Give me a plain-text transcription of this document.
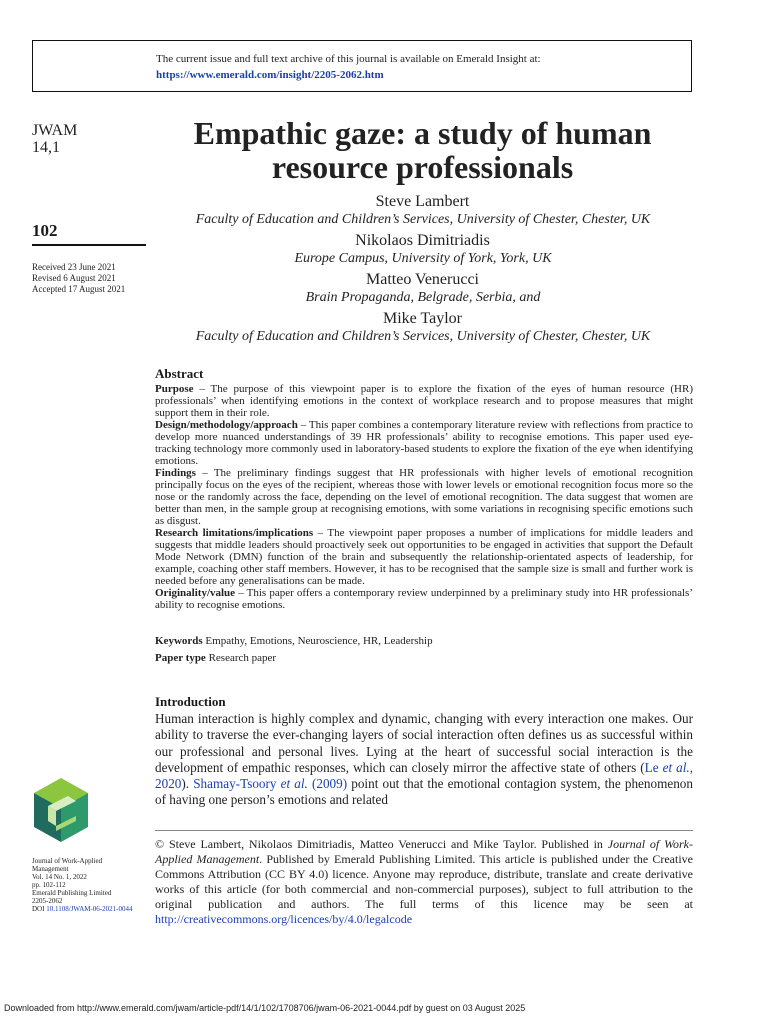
The current issue and full text archive of this journal is available on Emerald Insight at:
https://www.emerald.com/insight/2205-2062.htm
JWAM
14,1
102
Received 23 June 2021
Revised 6 August 2021
Accepted 17 August 2021
Empathic gaze: a study of human
resource professionals
Steve Lambert
Faculty of Education and Children’s Services, University of Chester, Chester, UK
Nikolaos Dimitriadis
Europe Campus, University of York, York, UK
Matteo Venerucci
Brain Propaganda, Belgrade, Serbia, and
Mike Taylor
Faculty of Education and Children’s Services, University of Chester, Chester, UK
Abstract

Purpose – The purpose of this viewpoint paper is to explore the fixation of the eyes of human resource (HR) professionals’ when identifying emotions in the context of workplace research and to propose measures that might support them in their role.

Design/methodology/approach – This paper combines a contemporary literature review with reflections from practice to develop more nuanced understandings of 39 HR professionals’ ability to recognise emotions. This paper used eye-tracking technology more commonly used in laboratory-based students to explore the fixation of the eye when identifying emotions.

Findings – The preliminary findings suggest that HR professionals with higher levels of emotional recognition principally focus on the eyes of the recipient, whereas those with lower levels or emotional recognition focus more so the nose or the randomly across the face, depending on the level of emotional recognition. The data suggest that women are better than men, in the sample group at recognising emotions, with some variations in recognising specific emotions such as disgust.

Research limitations/implications – The viewpoint paper proposes a number of implications for middle leaders and suggests that middle leaders should proactively seek out opportunities to be engaged in activities that support the Default Mode Network (DMN) function of the brain and subsequently the relationship-orientated aspects of leadership, for example, coaching other staff members. However, it has to be recognised that the sample size is small and further work is needed before any generalisations can be made.

Originality/value – This paper offers a contemporary review underpinned by a preliminary study into HR professionals’ ability to recognise emotions.

Keywords Empathy, Emotions, Neuroscience, HR, Leadership
Paper type Research paper
Introduction
Human interaction is highly complex and dynamic, changing with every interaction one makes. Our ability to traverse the ever-changing layers of social interaction often defines us as successful within our professional and personal lives. Lying at the heart of successful social interaction is the development of empathic responses, which can closely mirror the affective state of others (Le et al., 2020). Shamay-Tsoory et al. (2009) point out that the emotional contagion system, the phenomenon of having one person’s emotions and related
© Steve Lambert, Nikolaos Dimitriadis, Matteo Venerucci and Mike Taylor. Published in Journal of Work-Applied Management. Published by Emerald Publishing Limited. This article is published under the Creative Commons Attribution (CC BY 4.0) licence. Anyone may reproduce, distribute, translate and create derivative works of this article (for both commercial and non-commercial purposes), subject to full attribution to the original publication and authors. The full terms of this licence may be seen at http://creativecommons.org/licences/by/4.0/legalcode
Journal of Work-Applied
Management
Vol. 14 No. 1, 2022
pp. 102-112
Emerald Publishing Limited
2205-2062
DOI 10.1108/JWAM-06-2021-0044
Downloaded from http://www.emerald.com/jwam/article-pdf/14/1/102/1708706/jwam-06-2021-0044.pdf by guest on 03 August 2025
